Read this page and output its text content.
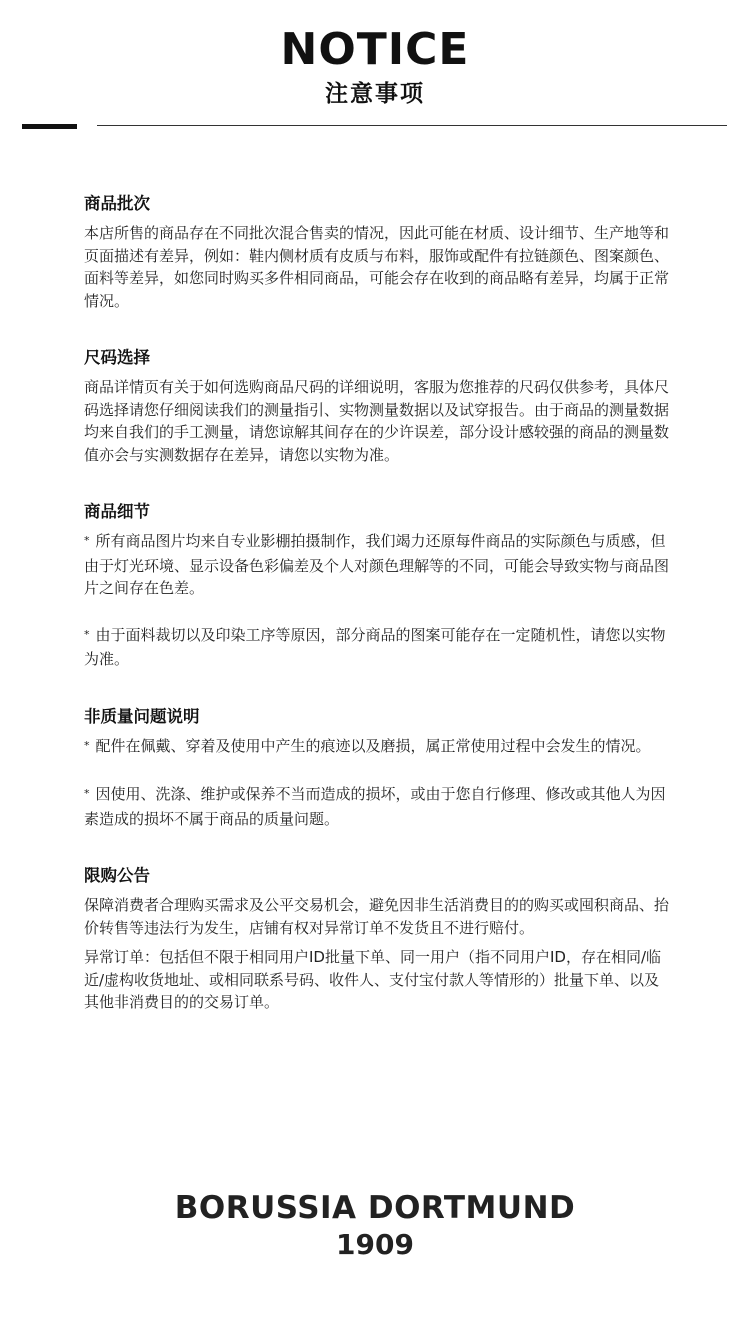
NOTICE
注意事项
商品批次

本店所售的商品存在不同批次混合售卖的情况，因此可能在材质、设计细节、生产地等和页面描述有差异，例如：鞋内侧材质有皮质与布料，服饰或配件有拉链颜色、图案颜色、面料等差异，如您同时购买多件相同商品，可能会存在收到的商品略有差异，均属于正常情况。

尺码选择

商品详情页有关于如何选购商品尺码的详细说明，客服为您推荐的尺码仅供参考，具体尺码选择请您仔细阅读我们的测量指引、实物测量数据以及试穿报告。由于商品的测量数据均来自我们的手工测量，请您谅解其间存在的少许误差，部分设计感较强的商品的测量数值亦会与实测数据存在差异，请您以实物为准。

商品细节

* 所有商品图片均来自专业影棚拍摄制作，我们竭力还原每件商品的实际颜色与质感，但由于灯光环境、显示设备色彩偏差及个人对颜色理解等的不同，可能会导致实物与商品图片之间存在色差。

* 由于面料裁切以及印染工序等原因，部分商品的图案可能存在一定随机性，请您以实物为准。

非质量问题说明

* 配件在佩戴、穿着及使用中产生的痕迹以及磨损，属正常使用过程中会发生的情况。

* 因使用、洗涤、维护或保养不当而造成的损坏，或由于您自行修理、修改或其他人为因素造成的损坏不属于商品的质量问题。

限购公告

保障消费者合理购买需求及公平交易机会，避免因非生活消费目的的购买或囤积商品、抬价转售等违法行为发生，店铺有权对异常订单不发货且不进行赔付。

异常订单：包括但不限于相同用户ID批量下单、同一用户（指不同用户ID，存在相同/临近/虚构收货地址、或相同联系号码、收件人、支付宝付款人等情形的）批量下单、以及其他非消费目的的交易订单。

BORUSSIA DORTMUND
1909
